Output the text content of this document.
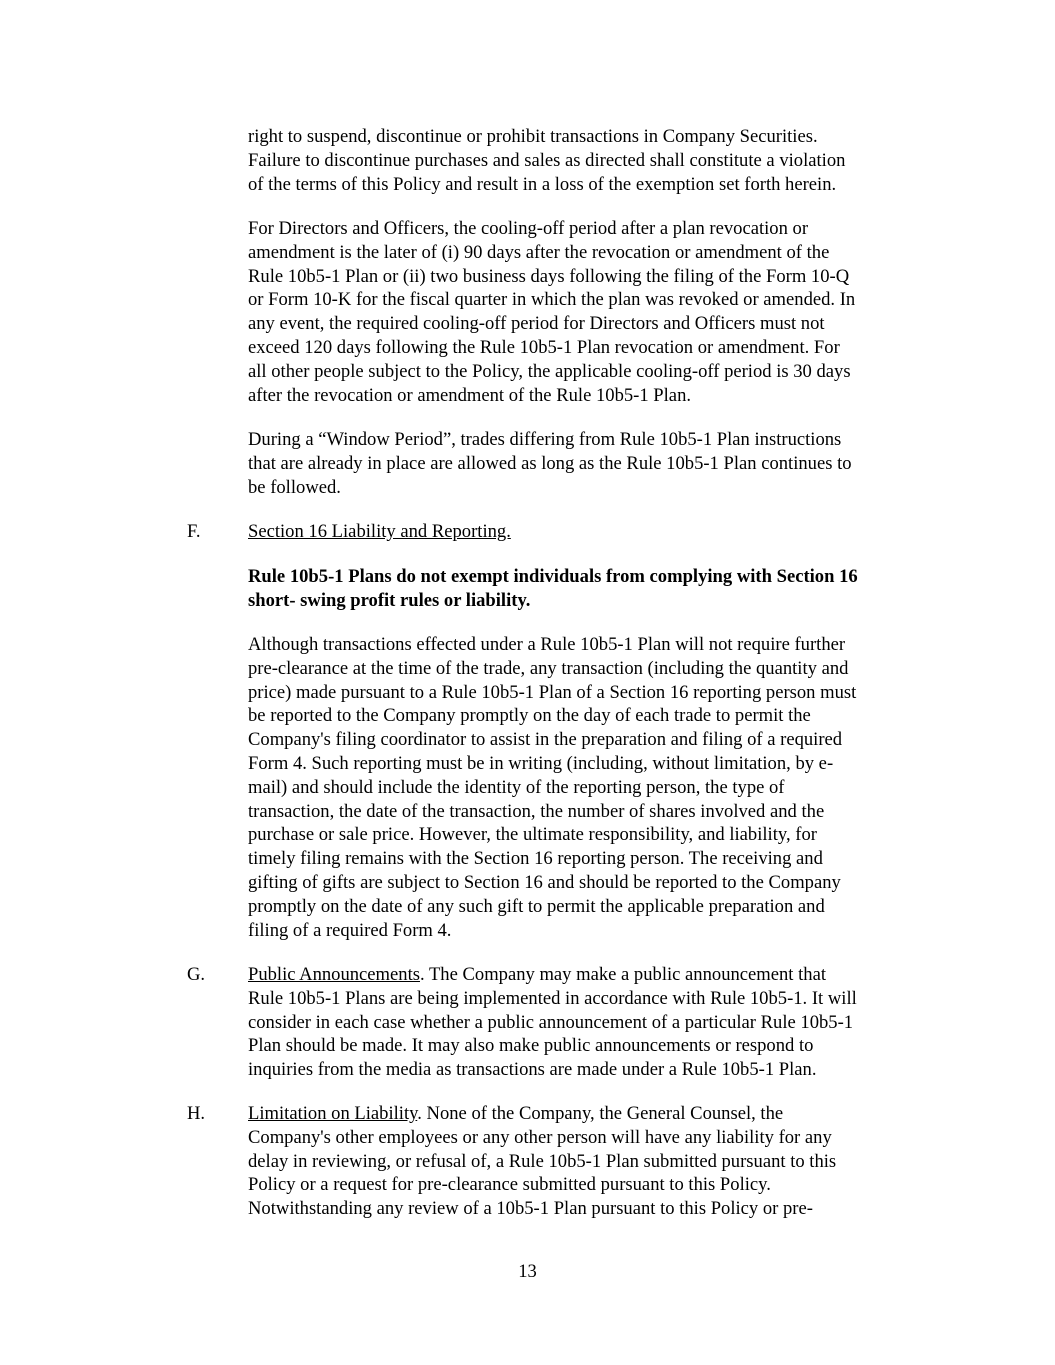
right to suspend, discontinue or prohibit transactions in Company Securities.
Failure to discontinue purchases and sales as directed shall constitute a violation
of the terms of this Policy and result in a loss of the exemption set forth herein.

For Directors and Officers, the cooling-off period after a plan revocation or
amendment is the later of (i) 90 days after the revocation or amendment of the
Rule 10b5-1 Plan or (ii) two business days following the filing of the Form 10-Q
or Form 10-K for the fiscal quarter in which the plan was revoked or amended. In
any event, the required cooling-off period for Directors and Officers must not
exceed 120 days following the Rule 10b5-1 Plan revocation or amendment. For
all other people subject to the Policy, the applicable cooling-off period is 30 days
after the revocation or amendment of the Rule 10b5-1 Plan.

During a “Window Period”, trades differing from Rule 10b5-1 Plan instructions
that are already in place are allowed as long as the Rule 10b5-1 Plan continues to
be followed.

F.	Section 16 Liability and Reporting.

Rule 10b5-1 Plans do not exempt individuals from complying with Section 16
short- swing profit rules or liability.

Although transactions effected under a Rule 10b5-1 Plan will not require further
pre-clearance at the time of the trade, any transaction (including the quantity and
price) made pursuant to a Rule 10b5-1 Plan of a Section 16 reporting person must
be reported to the Company promptly on the day of each trade to permit the
Company's filing coordinator to assist in the preparation and filing of a required
Form 4. Such reporting must be in writing (including, without limitation, by e-
mail) and should include the identity of the reporting person, the type of
transaction, the date of the transaction, the number of shares involved and the
purchase or sale price. However, the ultimate responsibility, and liability, for
timely filing remains with the Section 16 reporting person. The receiving and
gifting of gifts are subject to Section 16 and should be reported to the Company
promptly on the date of any such gift to permit the applicable preparation and
filing of a required Form 4.

G. Public Announcements. The Company may make a public announcement that
Rule 10b5-1 Plans are being implemented in accordance with Rule 10b5-1. It will
consider in each case whether a public announcement of a particular Rule 10b5-1
Plan should be made. It may also make public announcements or respond to
inquiries from the media as transactions are made under a Rule 10b5-1 Plan.

H. Limitation on Liability. None of the Company, the General Counsel, the
Company's other employees or any other person will have any liability for any
delay in reviewing, or refusal of, a Rule 10b5-1 Plan submitted pursuant to this
Policy or a request for pre-clearance submitted pursuant to this Policy.
Notwithstanding any review of a 10b5-1 Plan pursuant to this Policy or pre-

13
